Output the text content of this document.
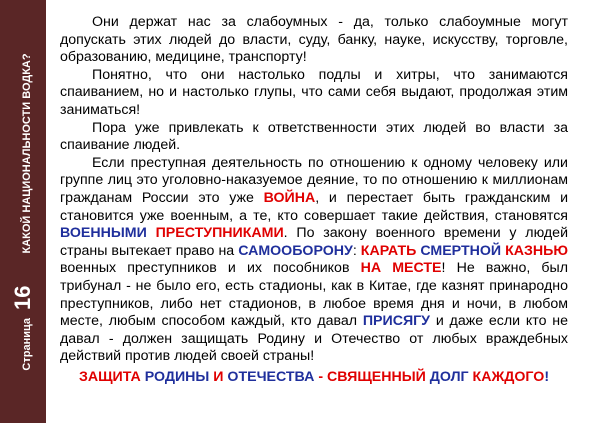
Страница
16
КАКОЙ НАЦИОНАЛЬНОСТИ ВОДКА?

Они держат нас за слабоумных - да, только слабоумные могут допускать этих людей до власти, суду, банку, науке, искусству, торговле, образованию, медицине, транспорту!

Понятно, что они настолько подлы и хитры, что занимаются спаиванием, но и настолько глупы, что сами себя выдают, продолжая этим заниматься!

Пора уже привлекать к ответственности этих людей во власти за спаивание людей.

Если преступная деятельность по отношению к одному человеку или группе лиц это уголовно-наказуемое деяние, то по отношению к миллионам гражданам России это уже ВОЙНА, и перестает быть гражданским и становится уже военным, а те, кто совершает такие действия, становятся ВОЕННЫМИ ПРЕСТУПНИКАМИ. По закону военного времени у людей страны вытекает право на САМООБОРОНУ: КАРАТЬ СМЕРТНОЙ КАЗНЬЮ военных преступников и их пособников НА МЕСТЕ! Не важно, был трибунал - не было его, есть стадионы, как в Китае, где казнят принародно преступников, либо нет стадионов, в любое время дня и ночи, в любом месте, любым способом каждый, кто давал ПРИСЯГУ и даже если кто не давал - должен защищать Родину и Отечество от любых враждебных действий против людей своей страны!

ЗАЩИТА РОДИНЫ И ОТЕЧЕСТВА - СВЯЩЕННЫЙ ДОЛГ КАЖДОГО!
